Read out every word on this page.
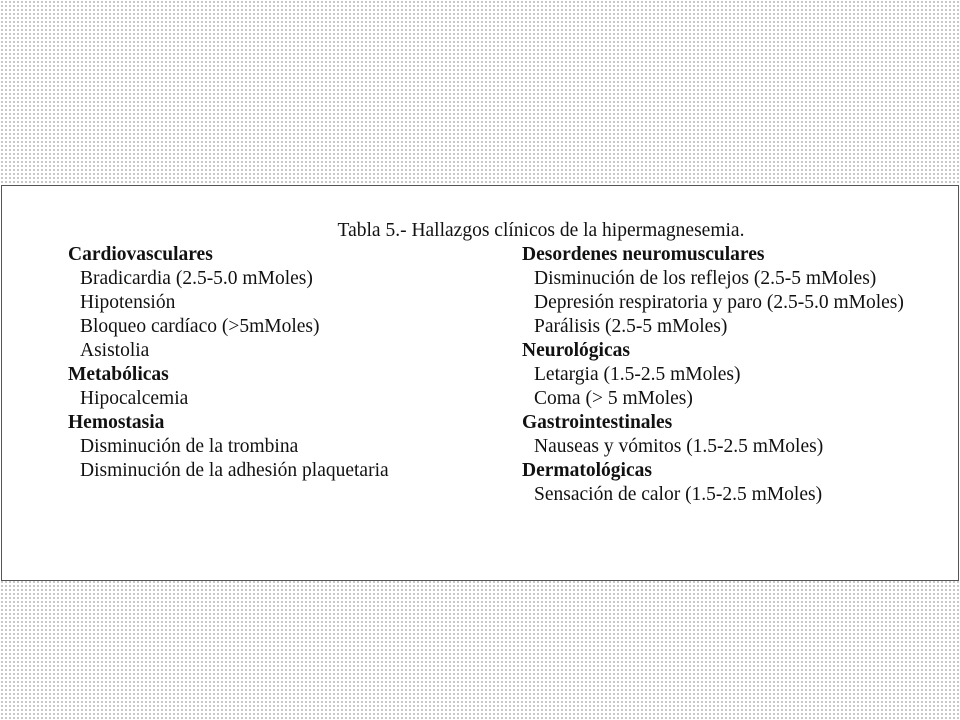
Tabla 5.- Hallazgos clínicos de la hipermagnesemia.
Cardiovasculares
Bradicardia (2.5-5.0 mMoles)
Hipotensión
Bloqueo cardíaco (>5mMoles)
Asistolia
Metabólicas
Hipocalcemia
Hemostasia
Disminución de la trombina
Disminución de la adhesión plaquetaria
Desordenes neuromusculares
Disminución de los reflejos (2.5-5 mMoles)
Depresión respiratoria y paro (2.5-5.0 mMoles)
Parálisis (2.5-5 mMoles)
Neurológicas
Letargia (1.5-2.5 mMoles)
Coma (> 5 mMoles)
Gastrointestinales
Nauseas y vómitos (1.5-2.5 mMoles)
Dermatológicas
Sensación de calor (1.5-2.5 mMoles)
